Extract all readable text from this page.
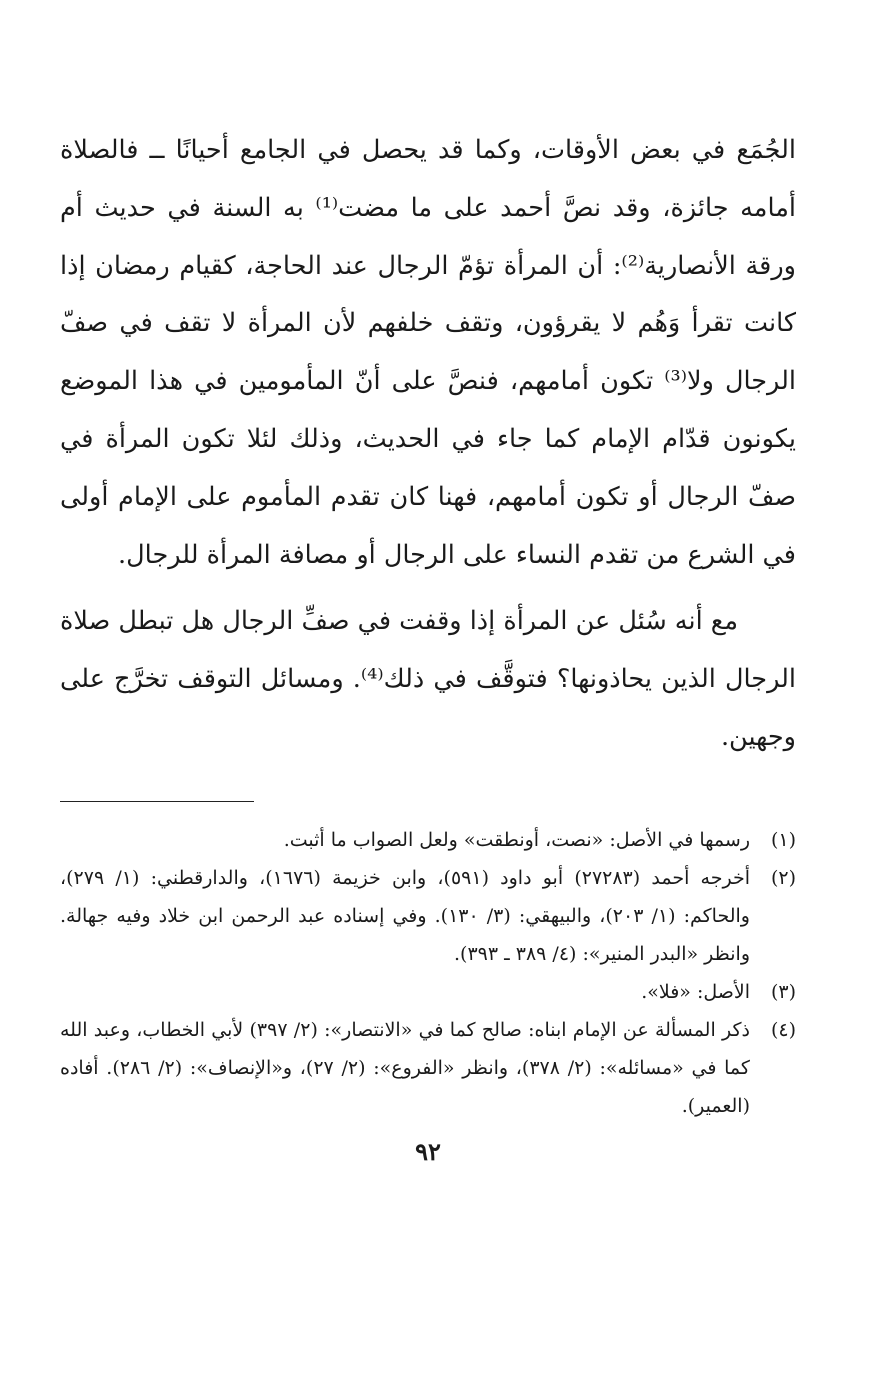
الجُمَع في بعض الأوقات، وكما قد يحصل في الجامع أحيانًا ــ فالصلاة أمامه جائزة، وقد نصَّ أحمد على ما مضت⁽¹⁾ به السنة في حديث أم ورقة الأنصارية⁽²⁾: أن المرأة تؤمّ الرجال عند الحاجة، كقيام رمضان إذا كانت تقرأ وَهُم لا يقرؤون، وتقف خلفهم لأن المرأة لا تقف في صفّ الرجال ولا⁽³⁾ تكون أمامهم، فنصَّ على أنّ المأمومين في هذا الموضع يكونون قدّام الإمام كما جاء في الحديث، وذلك لئلا تكون المرأة في صفّ الرجال أو تكون أمامهم، فهنا كان تقدم المأموم على الإمام أولى في الشرع من تقدم النساء على الرجال أو مصافة المرأة للرجال.

مع أنه سُئل عن المرأة إذا وقفت في صفِّ الرجال هل تبطل صلاة الرجال الذين يحاذونها؟ فتوقَّف في ذلك⁽⁴⁾. ومسائل التوقف تخرَّج على وجهين.

(١)
رسمها في الأصل: «نصت، أونطقت» ولعل الصواب ما أثبت.
(٢)
أخرجه أحمد (٢٧٢٨٣) أبو داود (٥٩١)، وابن خزيمة (١٦٧٦)، والدارقطني: (١/ ٢٧٩)، والحاكم: (١/ ٢٠٣)، والبيهقي: (٣/ ١٣٠). وفي إسناده عبد الرحمن ابن خلاد وفيه جهالة. وانظر «البدر المنير»: (٤/ ٣٨٩ ـ ٣٩٣).
(٣)
الأصل: «فلا».
(٤)
ذكر المسألة عن الإمام ابناه: صالح كما في «الانتصار»: (٢/ ٣٩٧) لأبي الخطاب، وعبد الله كما في «مسائله»: (٢/ ٣٧٨)، وانظر «الفروع»: (٢/ ٢٧)، و«الإنصاف»: (٢/ ٢٨٦). أفاده (العمير).
٩٢
